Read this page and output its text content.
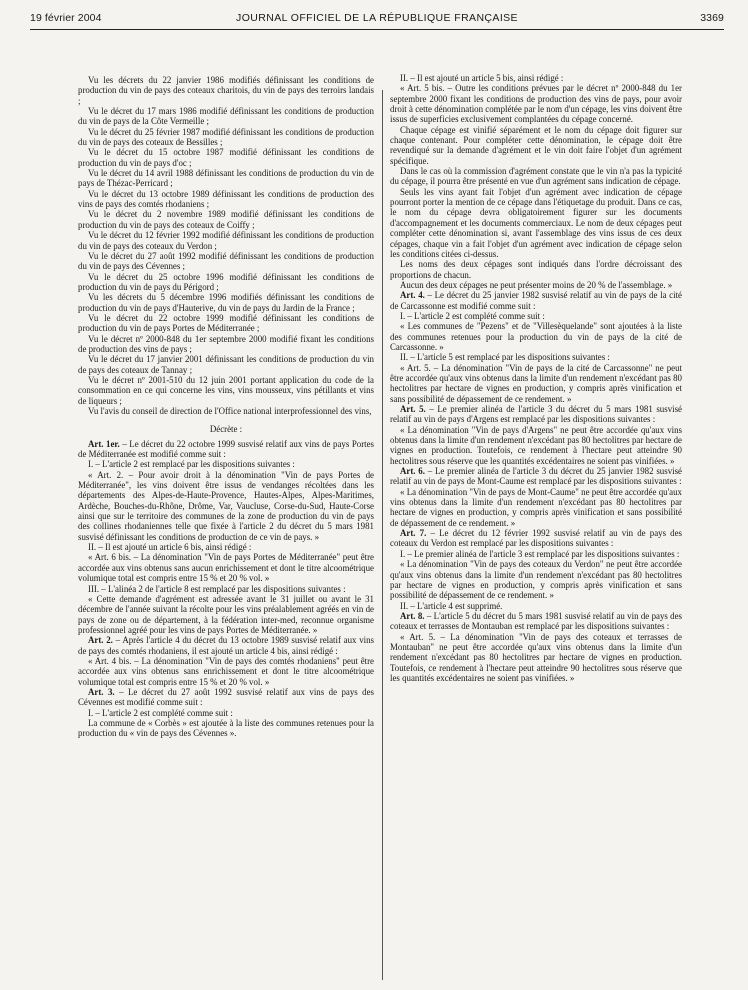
19 février 2004	JOURNAL OFFICIEL DE LA RÉPUBLIQUE FRANÇAISE	3369

Vu les décrets du 22 janvier 1986 modifiés définissant les conditions de production du vin de pays des coteaux charitois, du vin de pays des terroirs landais ;

Vu le décret du 17 mars 1986 modifié définissant les conditions de production du vin de pays de la Côte Vermeille ;

Vu le décret du 25 février 1987 modifié définissant les conditions de production du vin de pays des coteaux de Bessilles ;

Vu le décret du 15 octobre 1987 modifié définissant les conditions de production du vin de pays d'oc ;

Vu le décret du 14 avril 1988 définissant les conditions de production du vin de pays de Thézac-Perricard ;

Vu le décret du 13 octobre 1989 définissant les conditions de production des vins de pays des comtés rhodaniens ;

Vu le décret du 2 novembre 1989 modifié définissant les conditions de production du vin de pays des coteaux de Coiffy ;

Vu le décret du 12 février 1992 modifié définissant les conditions de production du vin de pays des coteaux du Verdon ;

Vu le décret du 27 août 1992 modifié définissant les conditions de production du vin de pays des Cévennes ;

Vu le décret du 25 octobre 1996 modifié définissant les conditions de production du vin de pays du Périgord ;

Vu les décrets du 5 décembre 1996 modifiés définissant les conditions de production du vin de pays d'Hauterive, du vin de pays du Jardin de la France ;

Vu le décret du 22 octobre 1999 modifié définissant les conditions de production du vin de pays Portes de Méditerranée ;

Vu le décret nº 2000-848 du 1er septembre 2000 modifié fixant les conditions de production des vins de pays ;

Vu le décret du 17 janvier 2001 définissant les conditions de production du vin de pays des coteaux de Tannay ;

Vu le décret nº 2001-510 du 12 juin 2001 portant application du code de la consommation en ce qui concerne les vins, vins mousseux, vins pétillants et vins de liqueurs ;

Vu l'avis du conseil de direction de l'Office national interprofessionnel des vins,

Décrète :

Art. 1er. – Le décret du 22 octobre 1999 susvisé relatif aux vins de pays Portes de Méditerranée est modifié comme suit :

I. – L'article 2 est remplacé par les dispositions suivantes :

« Art. 2. – Pour avoir droit à la dénomination "Vin de pays Portes de Méditerranée", les vins doivent être issus de vendanges récoltées dans les départements des Alpes-de-Haute-Provence, Hautes-Alpes, Alpes-Maritimes, Ardèche, Bouches-du-Rhône, Drôme, Var, Vaucluse, Corse-du-Sud, Haute-Corse ainsi que sur le territoire des communes de la zone de production du vin de pays des collines rhodaniennes telle que fixée à l'article 2 du décret du 5 mars 1981 susvisé définissant les conditions de production de ce vin de pays. »

II. – Il est ajouté un article 6 bis, ainsi rédigé :

« Art. 6 bis. – La dénomination "Vin de pays Portes de Méditerranée" peut être accordée aux vins obtenus sans aucun enrichissement et dont le titre alcoométrique volumique total est compris entre 15 % et 20 % vol. »

III. – L'alinéa 2 de l'article 8 est remplacé par les dispositions suivantes :

« Cette demande d'agrément est adressée avant le 31 juillet ou avant le 31 décembre de l'année suivant la récolte pour les vins préalablement agréés en vin de pays de zone ou de département, à la fédération inter-med, reconnue organisme professionnel agréé pour les vins de pays Portes de Méditerranée. »

Art. 2. – Après l'article 4 du décret du 13 octobre 1989 susvisé relatif aux vins de pays des comtés rhodaniens, il est ajouté un article 4 bis, ainsi rédigé :

« Art. 4 bis. – La dénomination "Vin de pays des comtés rhodaniens" peut être accordée aux vins obtenus sans enrichissement et dont le titre alcoométrique volumique total est compris entre 15 % et 20 % vol. »

Art. 3. – Le décret du 27 août 1992 susvisé relatif aux vins de pays des Cévennes est modifié comme suit :

I. – L'article 2 est complété comme suit :

La commune de « Corbès » est ajoutée à la liste des communes retenues pour la production du « vin de pays des Cévennes ».

II. – Il est ajouté un article 5 bis, ainsi rédigé :

« Art. 5 bis. – Outre les conditions prévues par le décret nº 2000-848 du 1er septembre 2000 fixant les conditions de production des vins de pays, pour avoir droit à cette dénomination complétée par le nom d'un cépage, les vins doivent être issus de superficies exclusivement complantées du cépage concerné.

Chaque cépage est vinifié séparément et le nom du cépage doit figurer sur chaque contenant. Pour compléter cette dénomination, le cépage doit être revendiqué sur la demande d'agrément et le vin doit faire l'objet d'un agrément spécifique.

Dans le cas où la commission d'agrément constate que le vin n'a pas la typicité du cépage, il pourra être présenté en vue d'un agrément sans indication de cépage.

Seuls les vins ayant fait l'objet d'un agrément avec indication de cépage pourront porter la mention de ce cépage dans l'étiquetage du produit. Dans ce cas, le nom du cépage devra obligatoirement figurer sur les documents d'accompagnement et les documents commerciaux. Le nom de deux cépages peut compléter cette dénomination si, avant l'assemblage des vins issus de ces deux cépages, chaque vin a fait l'objet d'un agrément avec indication de cépage selon les conditions citées ci-dessus.

Les noms des deux cépages sont indiqués dans l'ordre décroissant des proportions de chacun.

Aucun des deux cépages ne peut présenter moins de 20 % de l'assemblage. »

Art. 4. – Le décret du 25 janvier 1982 susvisé relatif au vin de pays de la cité de Carcassonne est modifié comme suit :

I. – L'article 2 est complété comme suit :

« Les communes de "Pezens" et de "Villesèquelande" sont ajoutées à la liste des communes retenues pour la production du vin de pays de la cité de Carcassonne. »

II. – L'article 5 est remplacé par les dispositions suivantes :

« Art. 5. – La dénomination "Vin de pays de la cité de Carcassonne" ne peut être accordée qu'aux vins obtenus dans la limite d'un rendement n'excédant pas 80 hectolitres par hectare de vignes en production, y compris après vinification et sans possibilité de dépassement de ce rendement. »

Art. 5. – Le premier alinéa de l'article 3 du décret du 5 mars 1981 susvisé relatif au vin de pays d'Argens est remplacé par les dispositions suivantes :

« La dénomination "Vin de pays d'Argens" ne peut être accordée qu'aux vins obtenus dans la limite d'un rendement n'excédant pas 80 hectolitres par hectare de vignes en production. Toutefois, ce rendement à l'hectare peut atteindre 90 hectolitres sous réserve que les quantités excédentaires ne soient pas vinifiées. »

Art. 6. – Le premier alinéa de l'article 3 du décret du 25 janvier 1982 susvisé relatif au vin de pays de Mont-Caume est remplacé par les dispositions suivantes :

« La dénomination "Vin de pays de Mont-Caume" ne peut être accordée qu'aux vins obtenus dans la limite d'un rendement n'excédant pas 80 hectolitres par hectare de vignes en production, y compris après vinification et sans possibilité de dépassement de ce rendement. »

Art. 7. – Le décret du 12 février 1992 susvisé relatif au vin de pays des coteaux du Verdon est remplacé par les dispositions suivantes :

I. – Le premier alinéa de l'article 3 est remplacé par les dispositions suivantes :

« La dénomination "Vin de pays des coteaux du Verdon" ne peut être accordée qu'aux vins obtenus dans la limite d'un rendement n'excédant pas 80 hectolitres par hectare de vignes en production, y compris après vinification et sans possibilité de dépassement de ce rendement. »

II. – L'article 4 est supprimé.

Art. 8. – L'article 5 du décret du 5 mars 1981 susvisé relatif au vin de pays des coteaux et terrasses de Montauban est remplacé par les dispositions suivantes :

« Art. 5. – La dénomination "Vin de pays des coteaux et terrasses de Montauban" ne peut être accordée qu'aux vins obtenus dans la limite d'un rendement n'excédant pas 80 hectolitres par hectare de vignes en production. Toutefois, ce rendement à l'hectare peut atteindre 90 hectolitres sous réserve que les quantités excédentaires ne soient pas vinifiées. »
